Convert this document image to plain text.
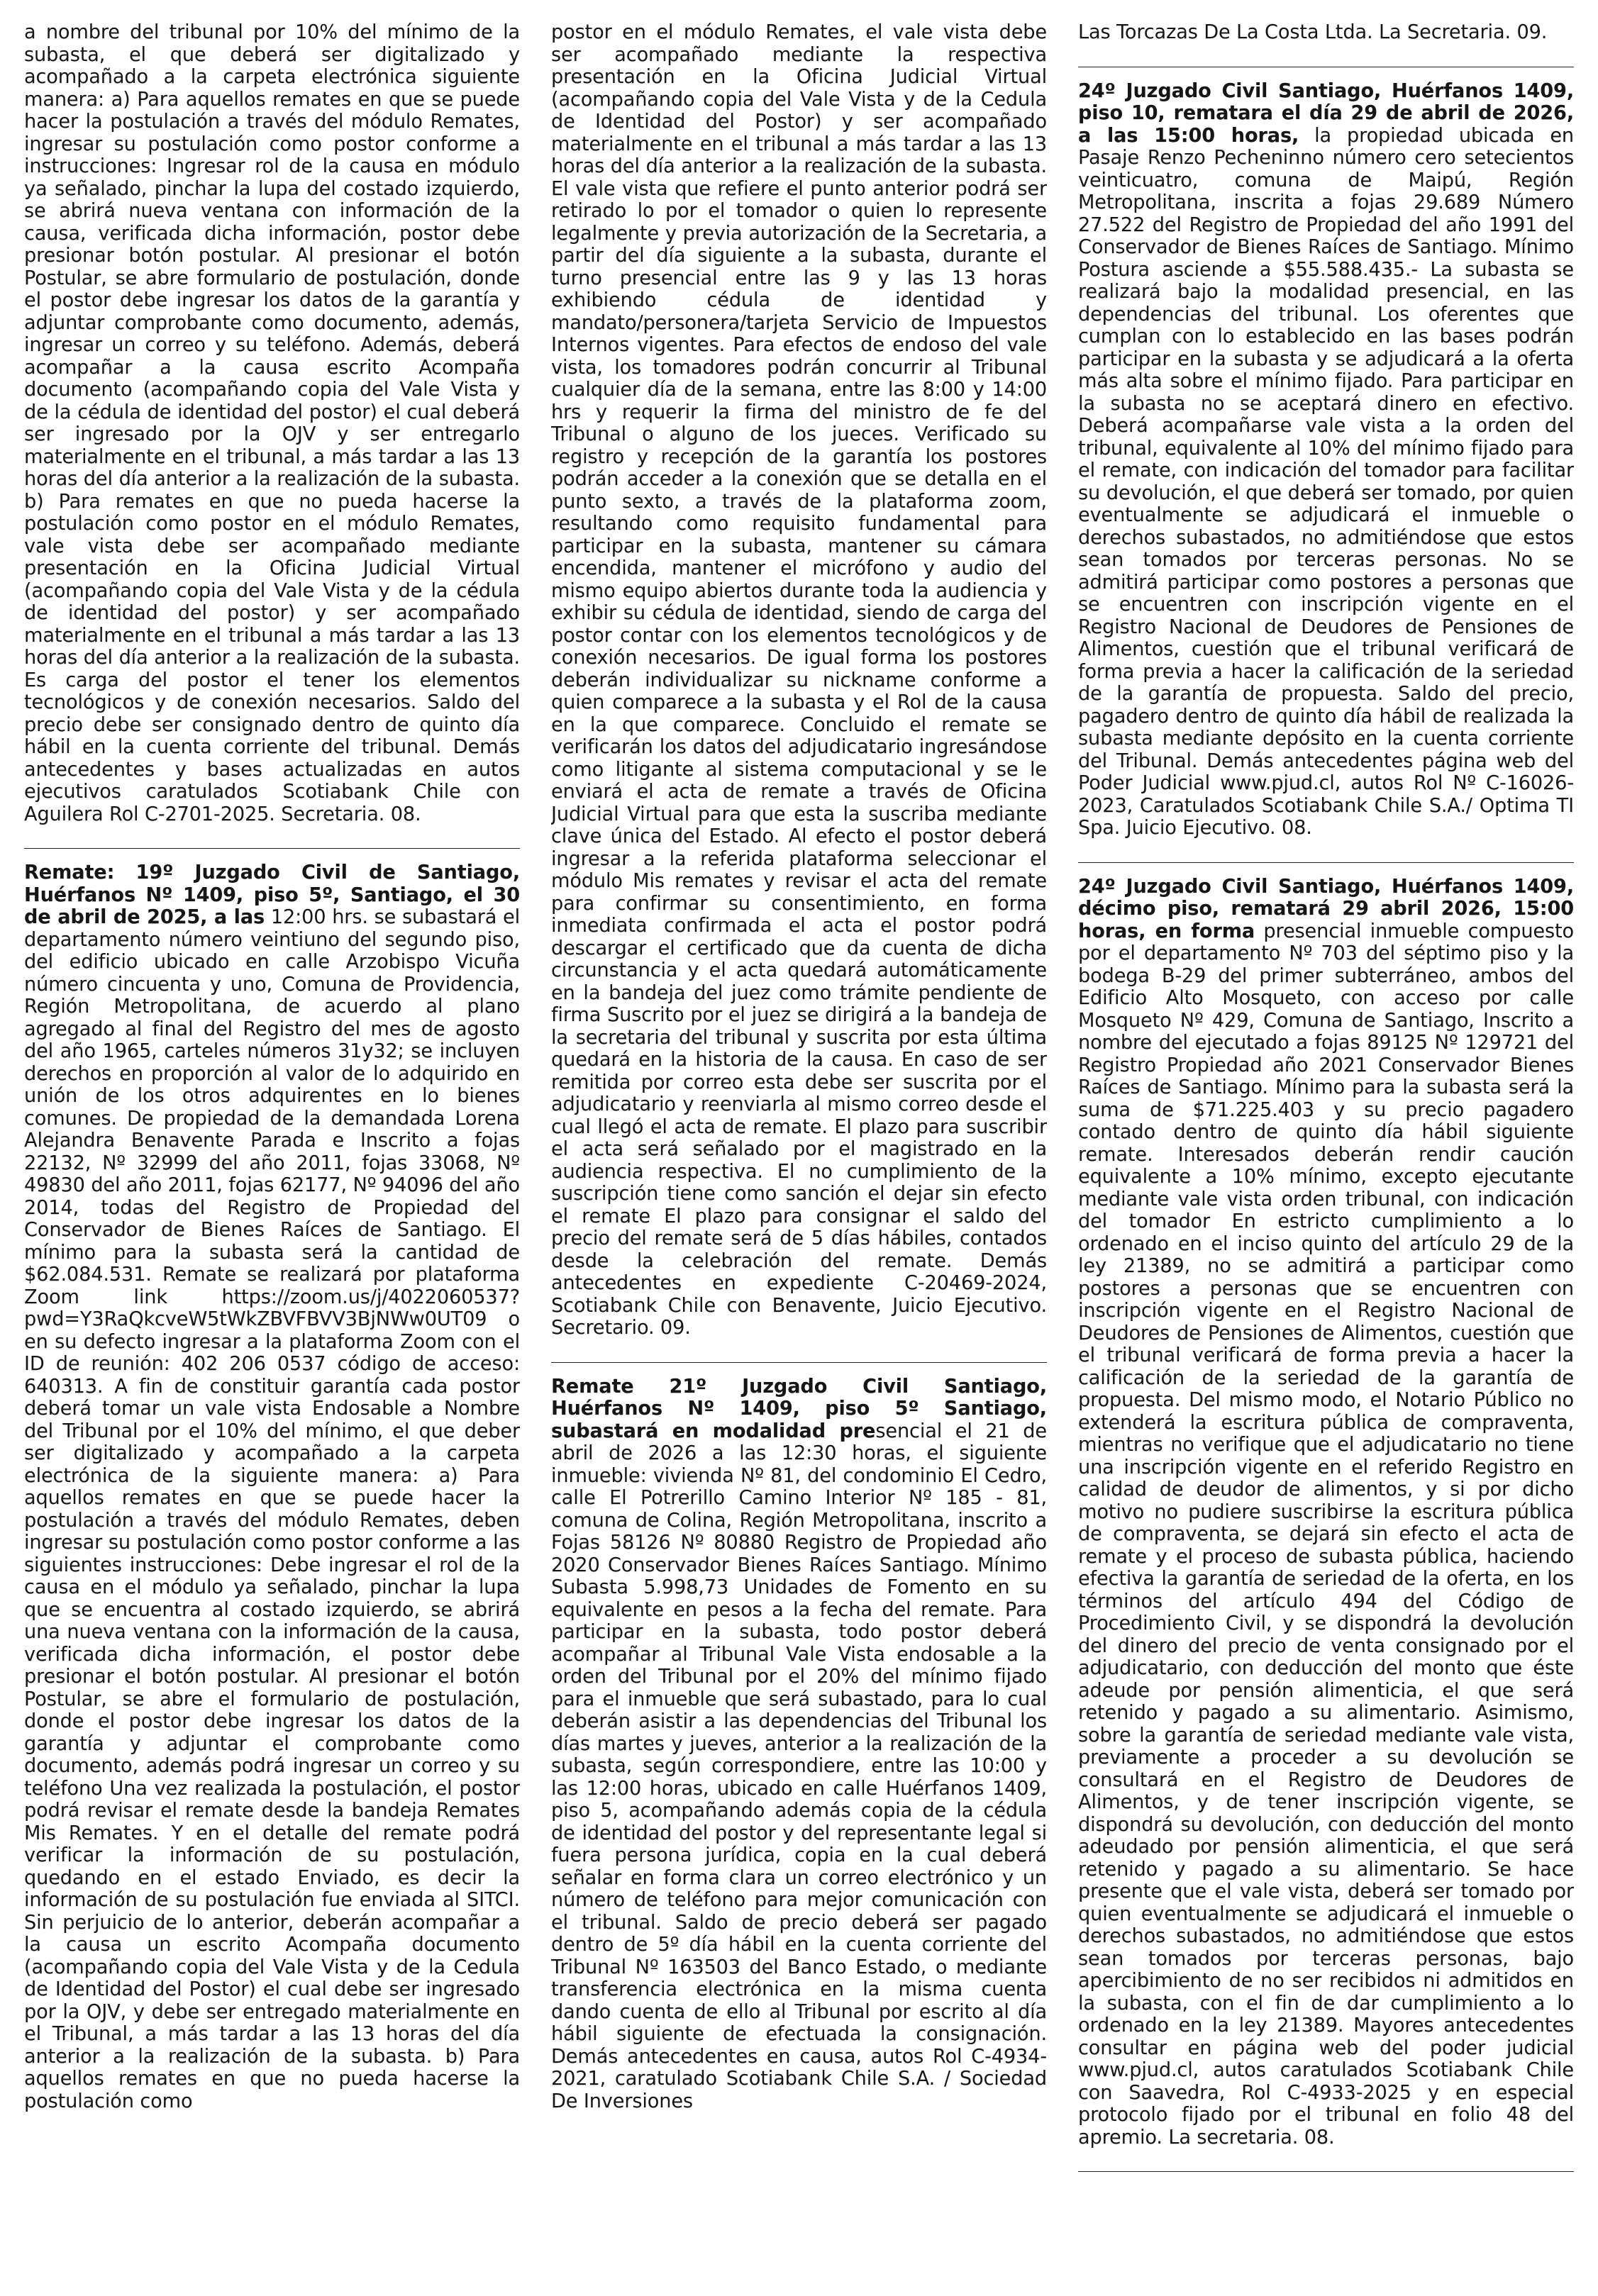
a nombre del tribunal por 10% del mínimo de la subasta, el que deberá ser digitalizado y acompañado a la carpeta electrónica siguiente manera: a) Para aquellos remates en que se puede hacer la postulación a través del módulo Remates, ingresar su postulación como postor conforme a instrucciones: Ingresar rol de la causa en módulo ya señalado, pinchar la lupa del costado izquierdo, se abrirá nueva ventana con información de la causa, verificada dicha información, postor debe presionar botón postular. Al presionar el botón Postular, se abre formulario de postulación, donde el postor debe ingresar los datos de la garantía y adjuntar comprobante como documento, además, ingresar un correo y su teléfono. Además, deberá acompañar a la causa escrito Acompaña documento (acompañando copia del Vale Vista y de la cédula de identidad del postor) el cual deberá ser ingresado por la OJV y ser entregarlo materialmente en el tribunal, a más tardar a las 13 horas del día anterior a la realización de la subasta. b) Para remates en que no pueda hacerse la postulación como postor en el módulo Remates, vale vista debe ser acompañado mediante presentación en la Oficina Judicial Virtual (acompañando copia del Vale Vista y de la cédula de identidad del postor) y ser acompañado materialmente en el tribunal a más tardar a las 13 horas del día anterior a la realización de la subasta. Es carga del postor el tener los elementos tecnológicos y de conexión necesarios. Saldo del precio debe ser consignado dentro de quinto día hábil en la cuenta corriente del tribunal. Demás antecedentes y bases actualizadas en autos ejecutivos caratulados Scotiabank Chile con Aguilera Rol C-2701-2025. Secretaria. 08.

Remate: 19º Juzgado Civil de Santiago, Huérfanos Nº 1409, piso 5º, Santiago, el 30 de abril de 2025, a las 12:00 hrs. se subastará el departamento número veintiuno del segundo piso, del edificio ubicado en calle Arzobispo Vicuña número cincuenta y uno, Comuna de Providencia, Región Metropolitana, de acuerdo al plano agregado al final del Registro del mes de agosto del año 1965, carteles números 31y32; se incluyen derechos en proporción al valor de lo adquirido en unión de los otros adquirentes en lo bienes comunes. De propiedad de la demandada Lorena Alejandra Benavente Parada e Inscrito a fojas 22132, Nº 32999 del año 2011, fojas 33068, Nº 49830 del año 2011, fojas 62177, Nº 94096 del año 2014, todas del Registro de Propiedad del Conservador de Bienes Raíces de Santiago. El mínimo para la subasta será la cantidad de $62.084.531. Remate se realizará por plataforma Zoom link https://zoom.us/j/4022060537?pwd=Y3RaQkcveW5tWkZBVFBVV3BjNWw0UT09 o en su defecto ingresar a la plataforma Zoom con el ID de reunión: 402 206 0537 código de acceso: 640313. A fin de constituir garantía cada postor deberá tomar un vale vista Endosable a Nombre del Tribunal por el 10% del mínimo, el que deber ser digitalizado y acompañado a la carpeta electrónica de la siguiente manera: a) Para aquellos remates en que se puede hacer la postulación a través del módulo Remates, deben ingresar su postulación como postor conforme a las siguientes instrucciones: Debe ingresar el rol de la causa en el módulo ya señalado, pinchar la lupa que se encuentra al costado izquierdo, se abrirá una nueva ventana con la información de la causa, verificada dicha información, el postor debe presionar el botón postular. Al presionar el botón Postular, se abre el formulario de postulación, donde el postor debe ingresar los datos de la garantía y adjuntar el comprobante como documento, además podrá ingresar un correo y su teléfono Una vez realizada la postulación, el postor podrá revisar el remate desde la bandeja Remates Mis Remates. Y en el detalle del remate podrá verificar la información de su postulación, quedando en el estado Enviado, es decir la información de su postulación fue enviada al SITCI. Sin perjuicio de lo anterior, deberán acompañar a la causa un escrito Acompaña documento (acompañando copia del Vale Vista y de la Cedula de Identidad del Postor) el cual debe ser ingresado por la OJV, y debe ser entregado materialmente en el Tribunal, a más tardar a las 13 horas del día anterior a la realización de la subasta. b) Para aquellos remates en que no pueda hacerse la postulación como

postor en el módulo Remates, el vale vista debe ser acompañado mediante la respectiva presentación en la Oficina Judicial Virtual (acompañando copia del Vale Vista y de la Cedula de Identidad del Postor) y ser acompañado materialmente en el tribunal a más tardar a las 13 horas del día anterior a la realización de la subasta. El vale vista que refiere el punto anterior podrá ser retirado lo por el tomador o quien lo represente legalmente y previa autorización de la Secretaria, a partir del día siguiente a la subasta, durante el turno presencial entre las 9 y las 13 horas exhibiendo cédula de identidad y mandato/personera/tarjeta Servicio de Impuestos Internos vigentes. Para efectos de endoso del vale vista, los tomadores podrán concurrir al Tribunal cualquier día de la semana, entre las 8:00 y 14:00 hrs y requerir la firma del ministro de fe del Tribunal o alguno de los jueces. Verificado su registro y recepción de la garantía los postores podrán acceder a la conexión que se detalla en el punto sexto, a través de la plataforma zoom, resultando como requisito fundamental para participar en la subasta, mantener su cámara encendida, mantener el micrófono y audio del mismo equipo abiertos durante toda la audiencia y exhibir su cédula de identidad, siendo de carga del postor contar con los elementos tecnológicos y de conexión necesarios. De igual forma los postores deberán individualizar su nickname conforme a quien comparece a la subasta y el Rol de la causa en la que comparece. Concluido el remate se verificarán los datos del adjudicatario ingresándose como litigante al sistema computacional y se le enviará el acta de remate a través de Oficina Judicial Virtual para que esta la suscriba mediante clave única del Estado. Al efecto el postor deberá ingresar a la referida plataforma seleccionar el módulo Mis remates y revisar el acta del remate para confirmar su consentimiento, en forma inmediata confirmada el acta el postor podrá descargar el certificado que da cuenta de dicha circunstancia y el acta quedará automáticamente en la bandeja del juez como trámite pendiente de firma Suscrito por el juez se dirigirá a la bandeja de la secretaria del tribunal y suscrita por esta última quedará en la historia de la causa. En caso de ser remitida por correo esta debe ser suscrita por el adjudicatario y reenviarla al mismo correo desde el cual llegó el acta de remate. El plazo para suscribir el acta será señalado por el magistrado en la audiencia respectiva. El no cumplimiento de la suscripción tiene como sanción el dejar sin efecto el remate El plazo para consignar el saldo del precio del remate será de 5 días hábiles, contados desde la celebración del remate. Demás antecedentes en expediente C-20469-2024, Scotiabank Chile con Benavente, Juicio Ejecutivo. Secretario. 09.

Remate 21º Juzgado Civil Santiago, Huérfanos Nº 1409, piso 5º Santiago, subastará en modalidad presencial el 21 de abril de 2026 a las 12:30 horas, el siguiente inmueble: vivienda Nº 81, del condominio El Cedro, calle El Potrerillo Camino Interior Nº 185 - 81, comuna de Colina, Región Metropolitana, inscrito a Fojas 58126 Nº 80880 Registro de Propiedad año 2020 Conservador Bienes Raíces Santiago. Mínimo Subasta 5.998,73 Unidades de Fomento en su equivalente en pesos a la fecha del remate. Para participar en la subasta, todo postor deberá acompañar al Tribunal Vale Vista endosable a la orden del Tribunal por el 20% del mínimo fijado para el inmueble que será subastado, para lo cual deberán asistir a las dependencias del Tribunal los días martes y jueves, anterior a la realización de la subasta, según correspondiere, entre las 10:00 y las 12:00 horas, ubicado en calle Huérfanos 1409, piso 5, acompañando además copia de la cédula de identidad del postor y del representante legal si fuera persona jurídica, copia en la cual deberá señalar en forma clara un correo electrónico y un número de teléfono para mejor comunicación con el tribunal. Saldo de precio deberá ser pagado dentro de 5º día hábil en la cuenta corriente del Tribunal Nº 163503 del Banco Estado, o mediante transferencia electrónica en la misma cuenta dando cuenta de ello al Tribunal por escrito al día hábil siguiente de efectuada la consignación. Demás antecedentes en causa, autos Rol C-4934-2021, caratulado Scotiabank Chile S.A. / Sociedad De Inversiones

Las Torcazas De La Costa Ltda. La Secretaria. 09.

24º Juzgado Civil Santiago, Huérfanos 1409, piso 10, rematara el día 29 de abril de 2026, a las 15:00 horas, la propiedad ubicada en Pasaje Renzo Pecheninno número cero setecientos veinticuatro, comuna de Maipú, Región Metropolitana, inscrita a fojas 29.689 Número 27.522 del Registro de Propiedad del año 1991 del Conservador de Bienes Raíces de Santiago. Mínimo Postura asciende a $55.588.435.- La subasta se realizará bajo la modalidad presencial, en las dependencias del tribunal. Los oferentes que cumplan con lo establecido en las bases podrán participar en la subasta y se adjudicará a la oferta más alta sobre el mínimo fijado. Para participar en la subasta no se aceptará dinero en efectivo. Deberá acompañarse vale vista a la orden del tribunal, equivalente al 10% del mínimo fijado para el remate, con indicación del tomador para facilitar su devolución, el que deberá ser tomado, por quien eventualmente se adjudicará el inmueble o derechos subastados, no admitiéndose que estos sean tomados por terceras personas. No se admitirá participar como postores a personas que se encuentren con inscripción vigente en el Registro Nacional de Deudores de Pensiones de Alimentos, cuestión que el tribunal verificará de forma previa a hacer la calificación de la seriedad de la garantía de propuesta. Saldo del precio, pagadero dentro de quinto día hábil de realizada la subasta mediante depósito en la cuenta corriente del Tribunal. Demás antecedentes página web del Poder Judicial www.pjud.cl, autos Rol Nº C-16026-2023, Caratulados Scotiabank Chile S.A./ Optima TI Spa. Juicio Ejecutivo. 08.

24º Juzgado Civil Santiago, Huérfanos 1409, décimo piso, rematará 29 abril 2026, 15:00 horas, en forma presencial inmueble compuesto por el departamento Nº 703 del séptimo piso y la bodega B-29 del primer subterráneo, ambos del Edificio Alto Mosqueto, con acceso por calle Mosqueto Nº 429, Comuna de Santiago, Inscrito a nombre del ejecutado a fojas 89125 Nº 129721 del Registro Propiedad año 2021 Conservador Bienes Raíces de Santiago. Mínimo para la subasta será la suma de $71.225.403 y su precio pagadero contado dentro de quinto día hábil siguiente remate. Interesados deberán rendir caución equivalente a 10% mínimo, excepto ejecutante mediante vale vista orden tribunal, con indicación del tomador En estricto cumplimiento a lo ordenado en el inciso quinto del artículo 29 de la ley 21389, no se admitirá a participar como postores a personas que se encuentren con inscripción vigente en el Registro Nacional de Deudores de Pensiones de Alimentos, cuestión que el tribunal verificará de forma previa a hacer la calificación de la seriedad de la garantía de propuesta. Del mismo modo, el Notario Público no extenderá la escritura pública de compraventa, mientras no verifique que el adjudicatario no tiene una inscripción vigente en el referido Registro en calidad de deudor de alimentos, y si por dicho motivo no pudiere suscribirse la escritura pública de compraventa, se dejará sin efecto el acta de remate y el proceso de subasta pública, haciendo efectiva la garantía de seriedad de la oferta, en los términos del artículo 494 del Código de Procedimiento Civil, y se dispondrá la devolución del dinero del precio de venta consignado por el adjudicatario, con deducción del monto que éste adeude por pensión alimenticia, el que será retenido y pagado a su alimentario. Asimismo, sobre la garantía de seriedad mediante vale vista, previamente a proceder a su devolución se consultará en el Registro de Deudores de Alimentos, y de tener inscripción vigente, se dispondrá su devolución, con deducción del monto adeudado por pensión alimenticia, el que será retenido y pagado a su alimentario. Se hace presente que el vale vista, deberá ser tomado por quien eventualmente se adjudicará el inmueble o derechos subastados, no admitiéndose que estos sean tomados por terceras personas, bajo apercibimiento de no ser recibidos ni admitidos en la subasta, con el fin de dar cumplimiento a lo ordenado en la ley 21389. Mayores antecedentes consultar en página web del poder judicial www.pjud.cl, autos caratulados Scotiabank Chile con Saavedra, Rol C-4933-2025 y en especial protocolo fijado por el tribunal en folio 48 del apremio. La secretaria. 08.
